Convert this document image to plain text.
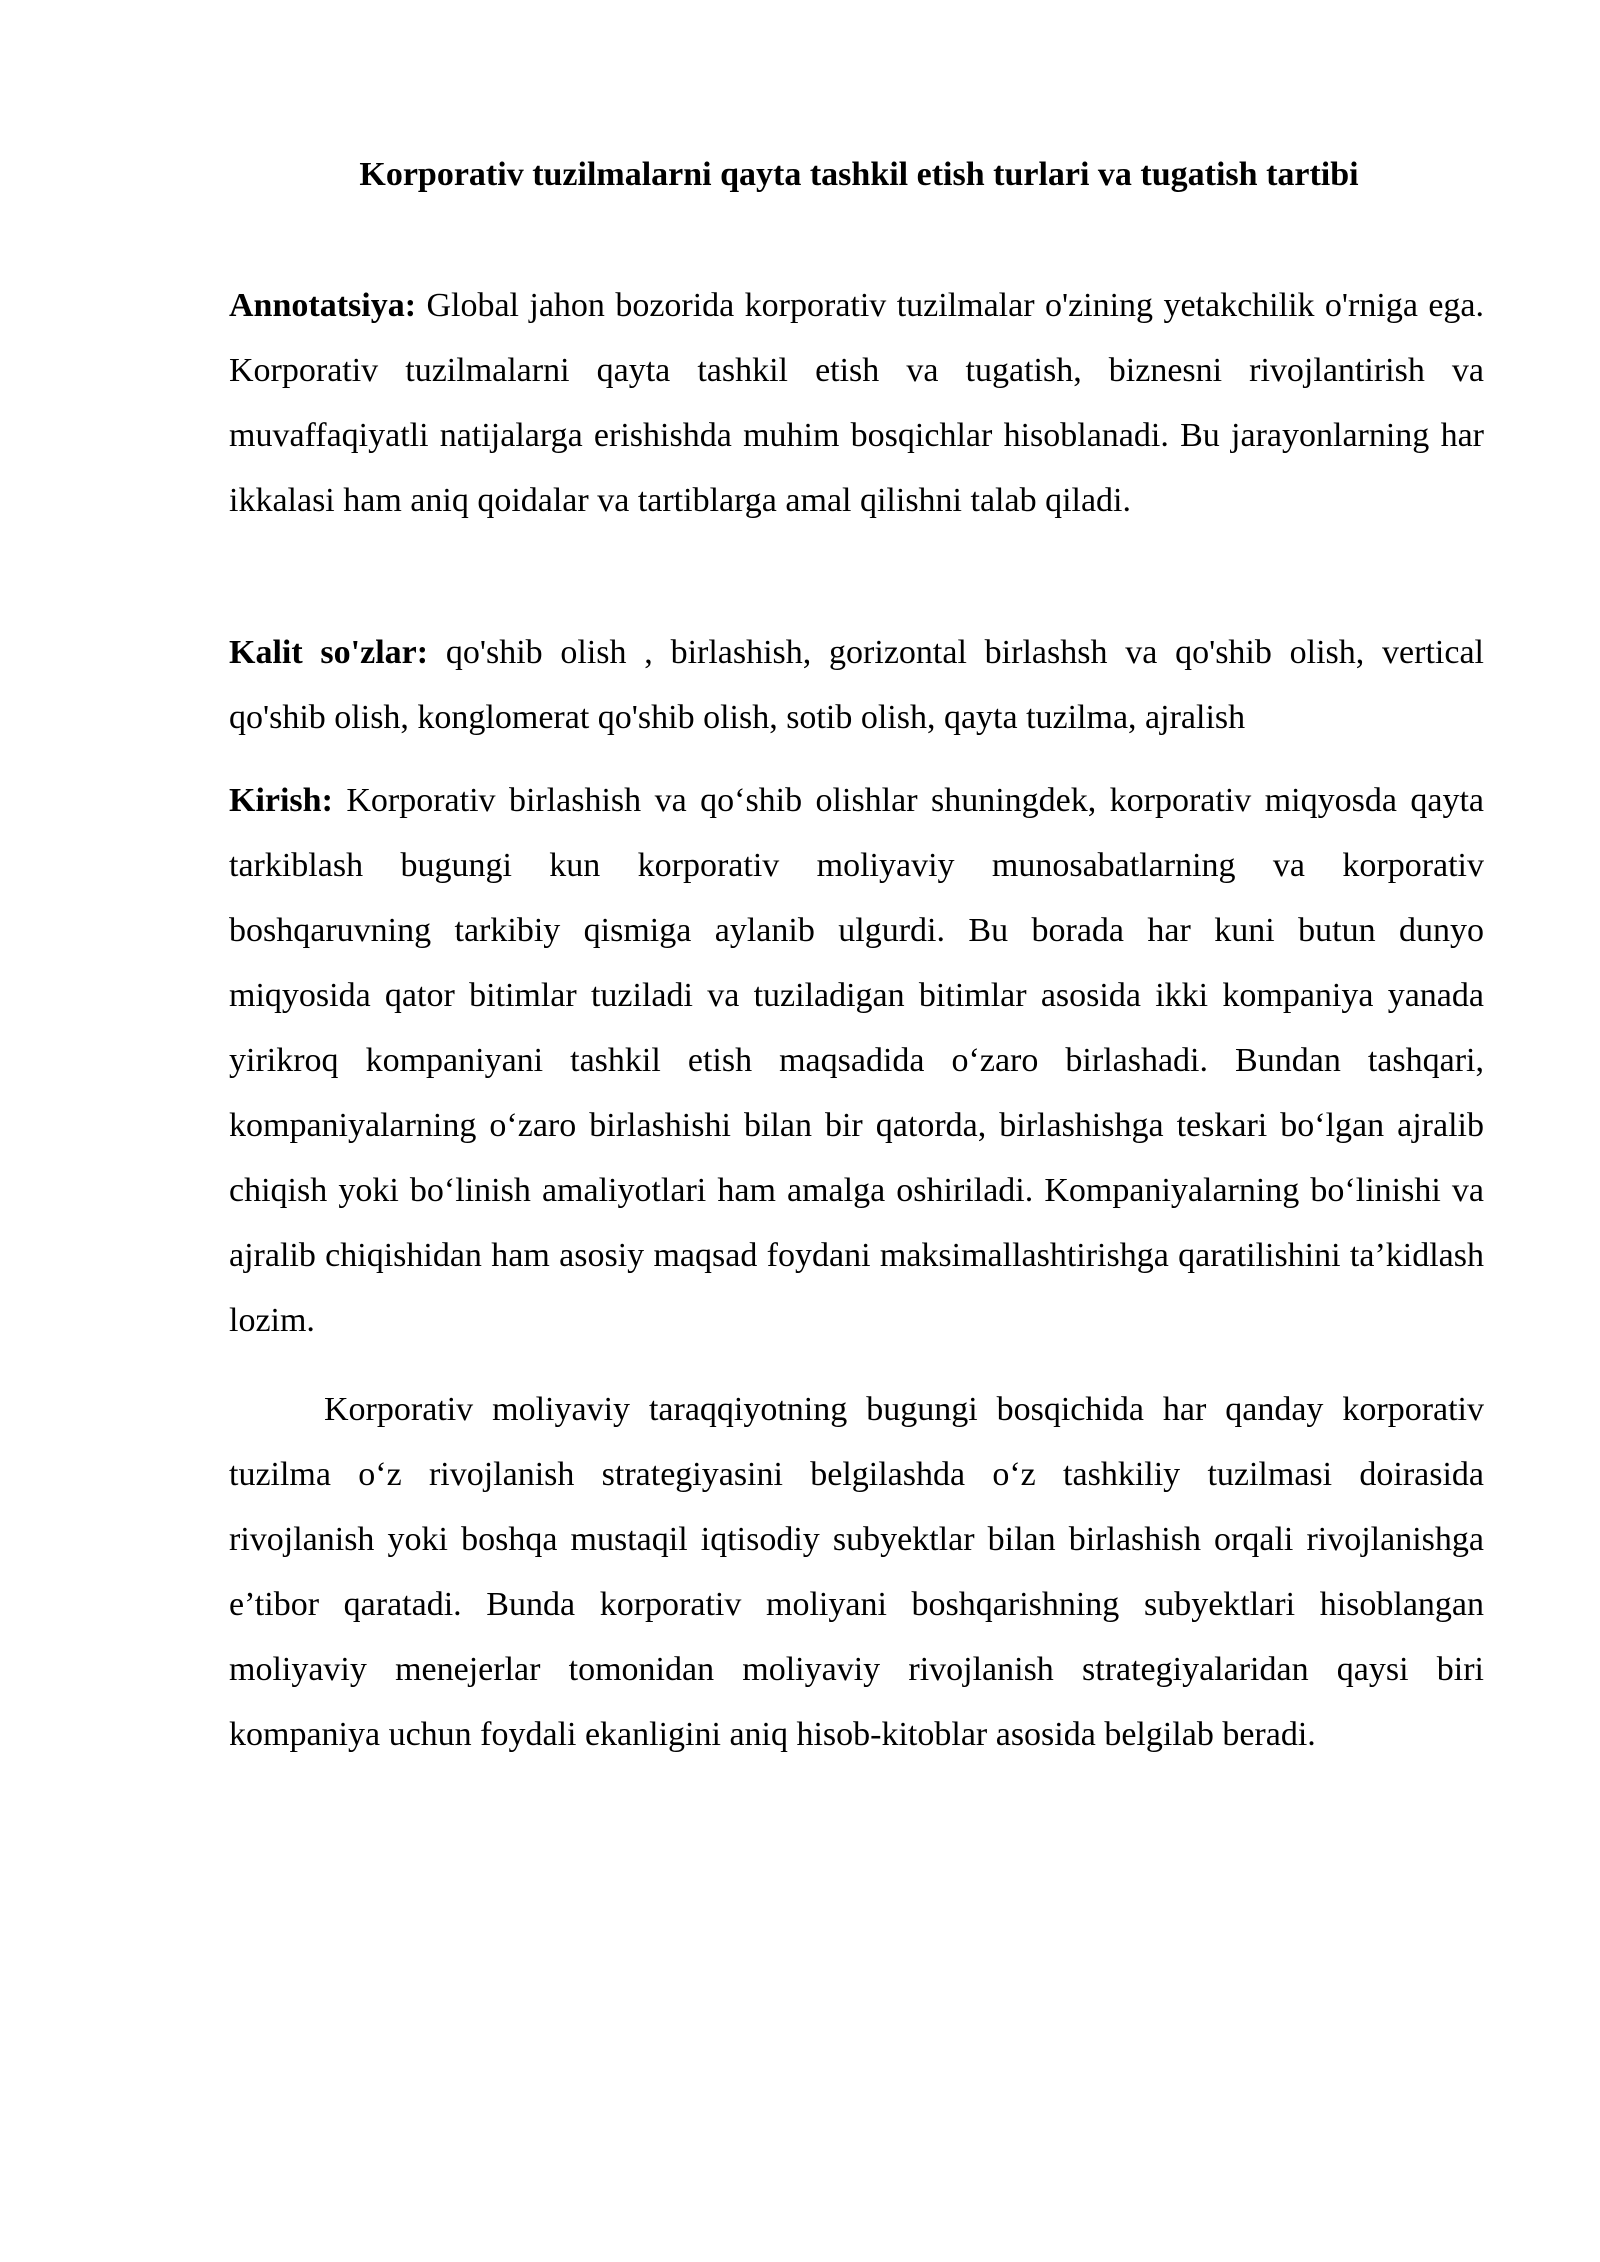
Korporativ tuzilmalarni qayta tashkil etish turlari va tugatish tartibi

Annotatsiya: Global jahon bozorida korporativ tuzilmalar o'zining yetakchilik o'rniga ega. Korporativ tuzilmalarni qayta tashkil etish va tugatish, biznesni rivojlantirish va muvaffaqiyatli natijalarga erishishda muhim bosqichlar hisoblanadi. Bu jarayonlarning har ikkalasi ham aniq qoidalar va tartiblarga amal qilishni talab qiladi.

Kalit so'zlar: qo'shib olish , birlashish, gorizontal birlashsh va qo'shib olish, vertical qo'shib olish, konglomerat qo'shib olish, sotib olish, qayta tuzilma, ajralish

Kirish: Korporativ birlashish va qo‘shib olishlar shuningdek, korporativ miqyosda qayta tarkiblash bugungi kun korporativ moliyaviy munosabatlarning va korporativ boshqaruvning tarkibiy qismiga aylanib ulgurdi. Bu borada har kuni butun dunyo miqyosida qator bitimlar tuziladi va tuziladigan bitimlar asosida ikki kompaniya yanada yirikroq kompaniyani tashkil etish maqsadida o‘zaro birlashadi. Bundan tashqari, kompaniyalarning o‘zaro birlashishi bilan bir qatorda, birlashishga teskari bo‘lgan ajralib chiqish yoki bo‘linish amaliyotlari ham amalga oshiriladi. Kompaniyalarning bo‘linishi va ajralib chiqishidan ham asosiy maqsad foydani maksimallashtirishga qaratilishini ta’kidlash lozim.

Korporativ moliyaviy taraqqiyotning bugungi bosqichida har qanday korporativ tuzilma o‘z rivojlanish strategiyasini belgilashda o‘z tashkiliy tuzilmasi doirasida rivojlanish yoki boshqa mustaqil iqtisodiy subyektlar bilan birlashish orqali rivojlanishga e’tibor qaratadi. Bunda korporativ moliyani boshqarishning subyektlari hisoblangan moliyaviy menejerlar tomonidan moliyaviy rivojlanish strategiyalaridan qaysi biri kompaniya uchun foydali ekanligini aniq hisob-kitoblar asosida belgilab beradi.
